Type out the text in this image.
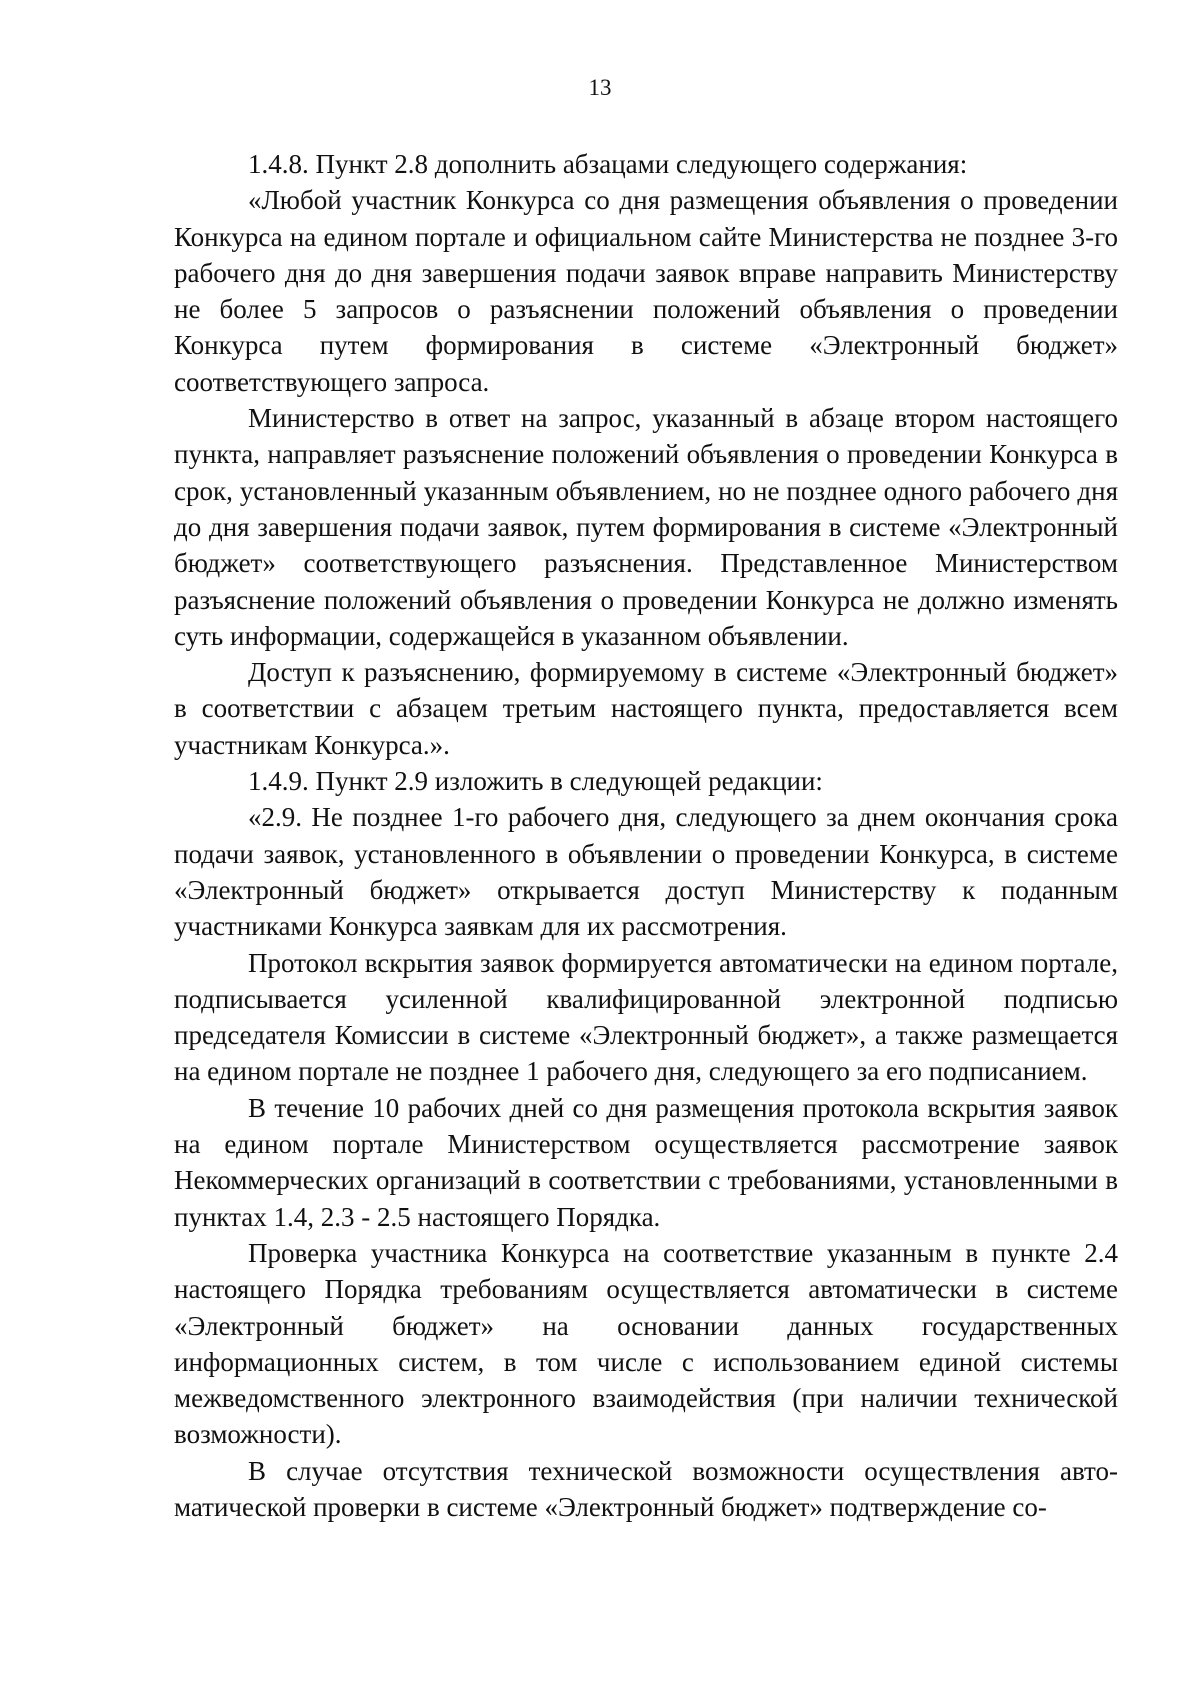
13

1.4.8. Пункт 2.8 дополнить абзацами следующего содержания:

«Любой участник Конкурса со дня размещения объявления о проведении Конкурса на едином портале и официальном сайте Министерства не позднее 3-го рабочего дня до дня завершения подачи заявок вправе направить Министерству не более 5 запросов о разъяснении положений объявления о проведении Конкурса путем формирования в системе «Электронный бюджет» соответствующего запроса.

Министерство в ответ на запрос, указанный в абзаце втором настоящего пункта, направляет разъяснение положений объявления о проведении Конкурса в срок, установленный указанным объявлением, но не позднее одного рабочего дня до дня завершения подачи заявок, путем формирования в системе «Электронный бюджет» соответствующего разъяснения. Представленное Министерством разъяснение положений объявления о проведении Конкурса не должно изменять суть информации, содержащейся в указанном объявлении.

Доступ к разъяснению, формируемому в системе «Электронный бюджет» в соответствии с абзацем третьим настоящего пункта, предоставляется всем участникам Конкурса.».

1.4.9. Пункт 2.9 изложить в следующей редакции:

«2.9. Не позднее 1-го рабочего дня, следующего за днем окончания срока подачи заявок, установленного в объявлении о проведении Конкурса, в системе «Электронный бюджет» открывается доступ Министерству к поданным участниками Конкурса заявкам для их рассмотрения.

Протокол вскрытия заявок формируется автоматически на едином портале, подписывается усиленной квалифицированной электронной подписью председателя Комиссии в системе «Электронный бюджет», а также размещается на едином портале не позднее 1 рабочего дня, следующего за его подписанием.

В течение 10 рабочих дней со дня размещения протокола вскрытия заявок на едином портале Министерством осуществляется рассмотрение заявок Некоммерческих организаций в соответствии с требованиями, установленными в пунктах 1.4, 2.3 - 2.5 настоящего Порядка.

Проверка участника Конкурса на соответствие указанным в пункте 2.4 настоящего Порядка требованиям осуществляется автоматически в системе «Электронный бюджет» на основании данных государственных информационных систем, в том числе с использованием единой системы межведомственного электронного взаимодействия (при наличии технической возможности).

В случае отсутствия технической возможности осуществления автоматической проверки в системе «Электронный бюджет» подтверждение со-
